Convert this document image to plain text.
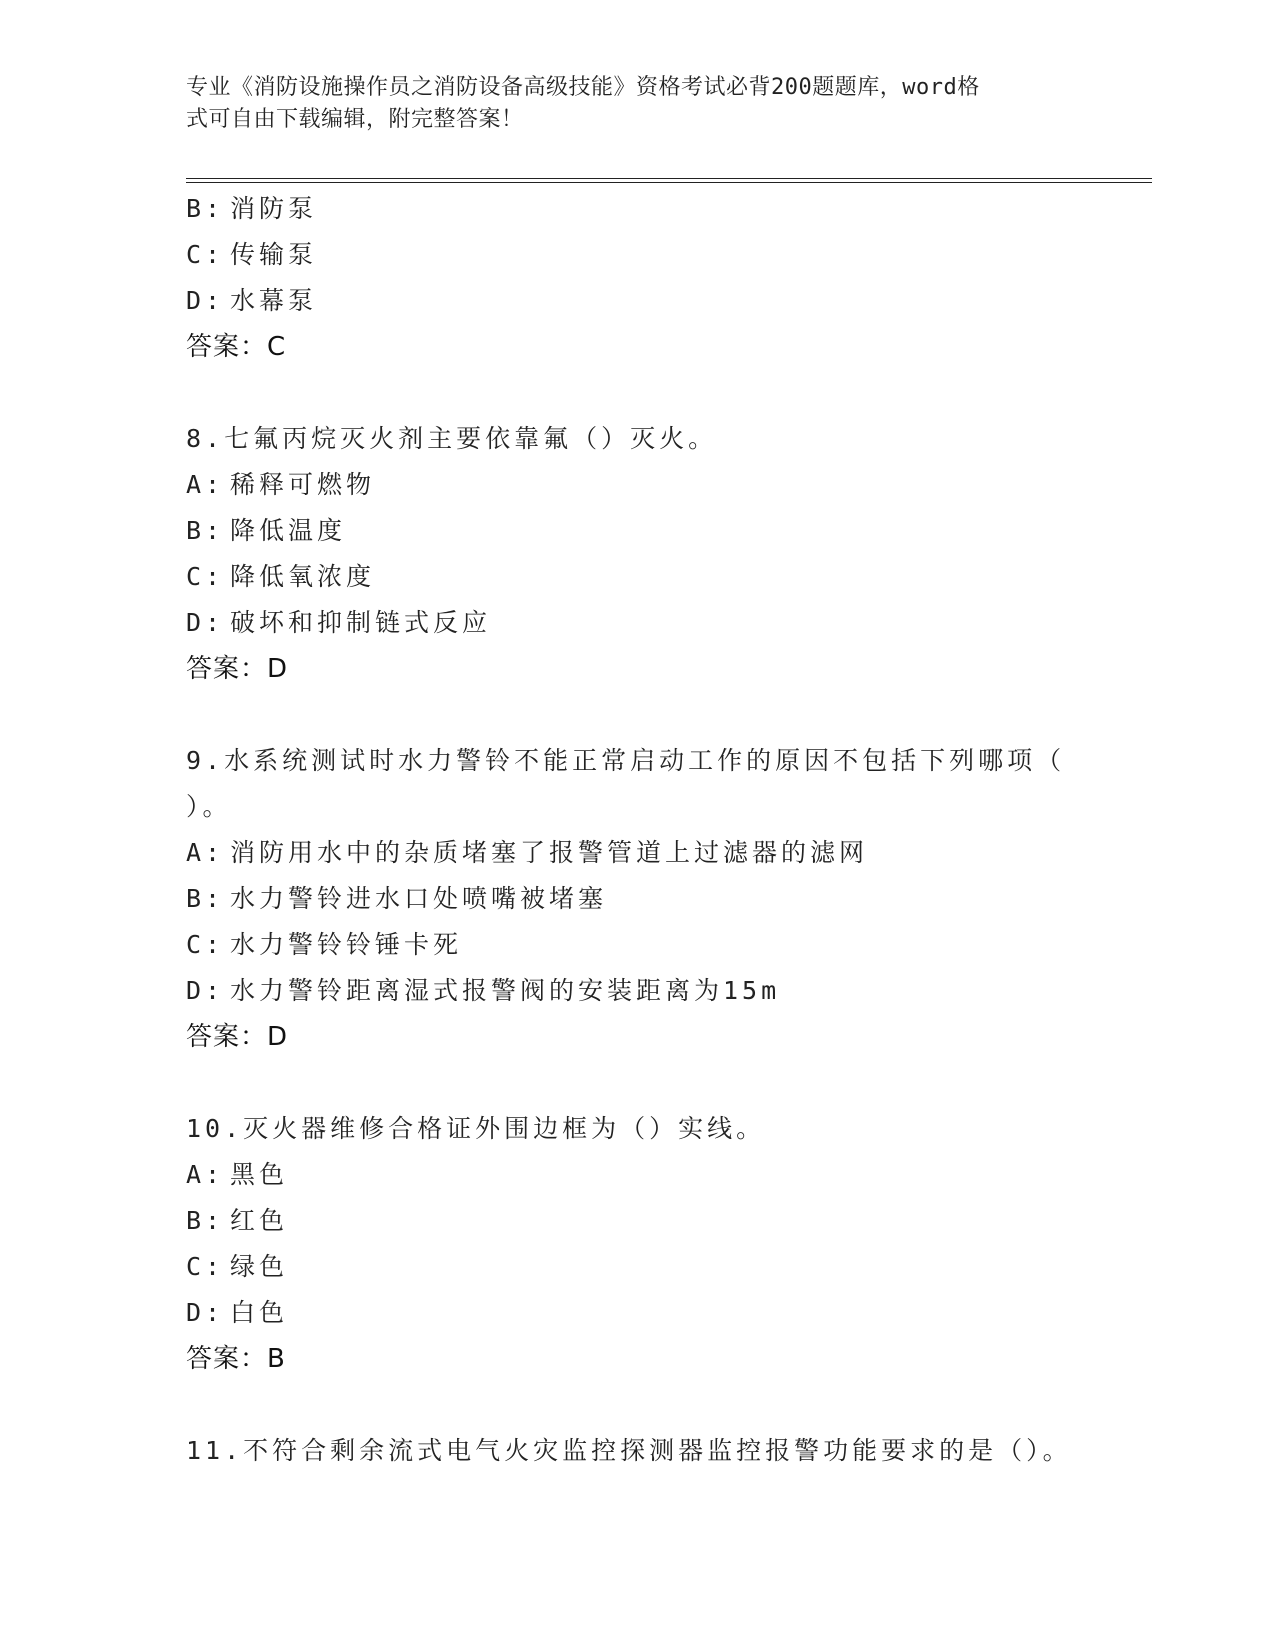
专业《消防设施操作员之消防设备高级技能》资格考试必背200题题库，word格
式可自由下载编辑，附完整答案！
B: 消防泵
C: 传输泵
D: 水幕泵
答案：C
8.七氟丙烷灭火剂主要依靠氟（）灭火。
A: 稀释可燃物
B: 降低温度
C: 降低氧浓度
D: 破坏和抑制链式反应
答案：D
9.水系统测试时水力警铃不能正常启动工作的原因不包括下列哪项（
）。
A: 消防用水中的杂质堵塞了报警管道上过滤器的滤网
B: 水力警铃进水口处喷嘴被堵塞
C: 水力警铃铃锤卡死
D: 水力警铃距离湿式报警阀的安装距离为15m
答案：D
10.灭火器维修合格证外围边框为（）实线。
A: 黑色
B: 红色
C: 绿色
D: 白色
答案：B
11.不符合剩余流式电气火灾监控探测器监控报警功能要求的是（）。
